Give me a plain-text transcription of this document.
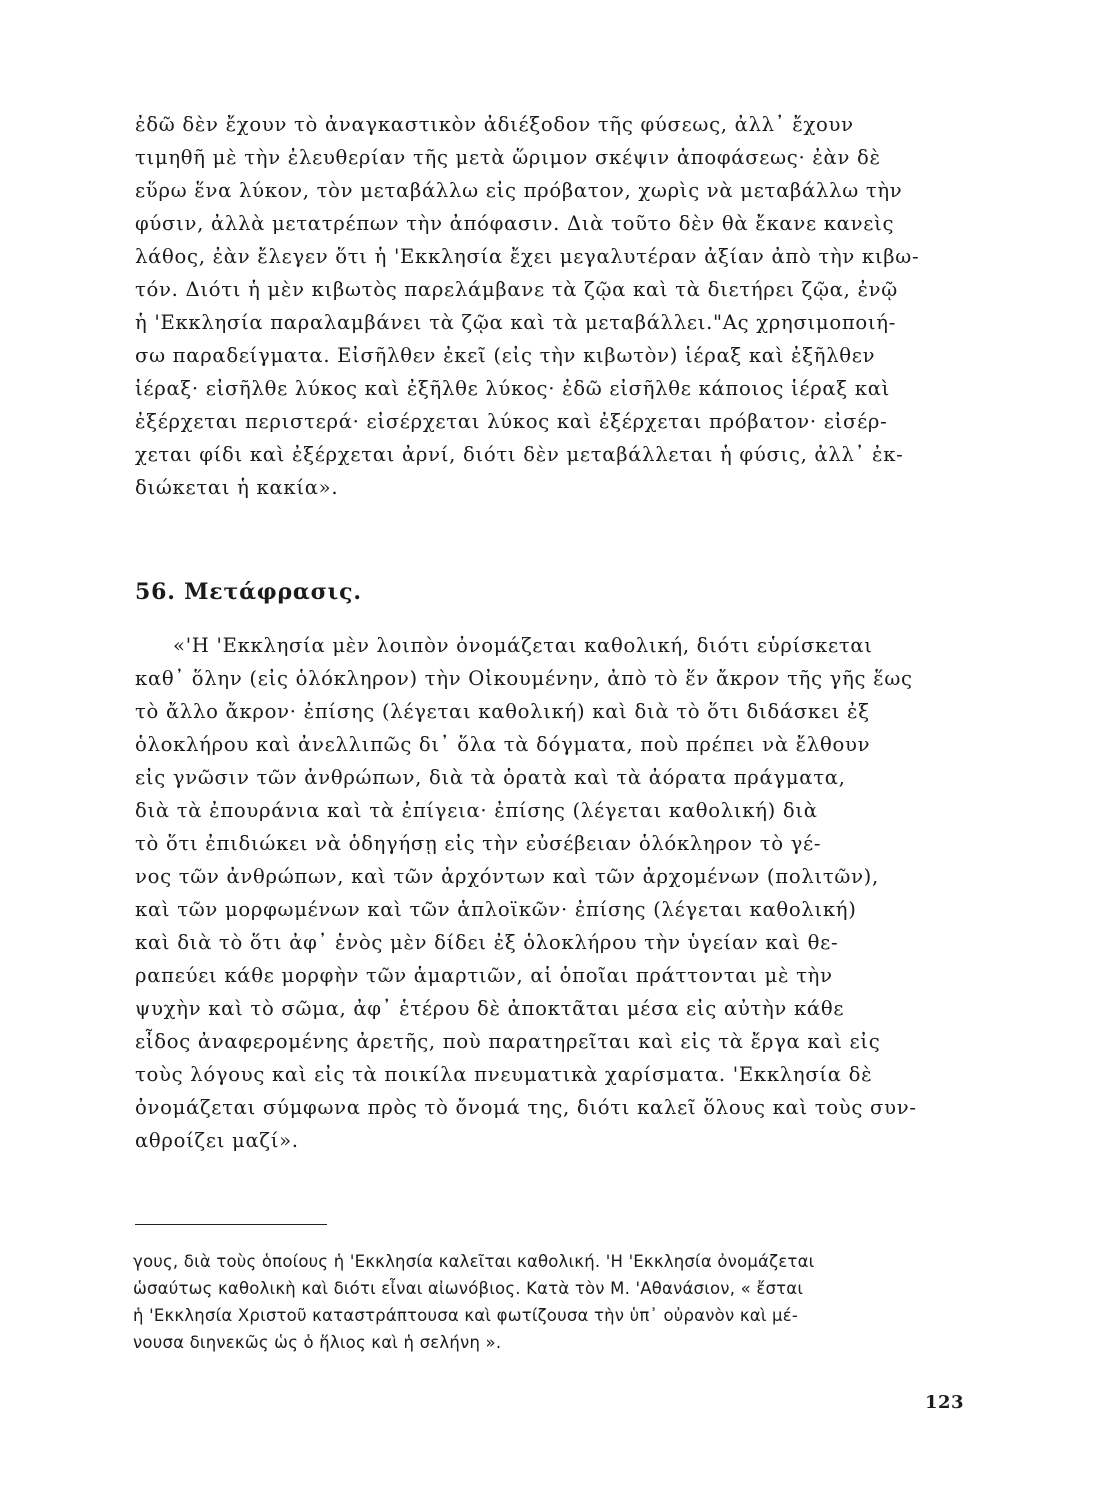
ἐδῶ δὲν ἔχουν τὸ ἀναγκαστικὸν ἀδιέξοδον τῆς φύσεως, ἀλλ᾽ ἔχουν
τιμηθῆ μὲ τὴν ἐλευθερίαν τῆς μετὰ ὥριμον σκέψιν ἀποφάσεως· ἐὰν δὲ
εὕρω ἕνα λύκον, τὸν μεταβάλλω εἰς πρόβατον, χωρὶς νὰ μεταβάλλω τὴν
φύσιν, ἀλλὰ μετατρέπων τὴν ἀπόφασιν. Διὰ τοῦτο δὲν θὰ ἔκανε κανεὶς
λάθος, ἐὰν ἔλεγεν ὅτι ἡ 'Εκκλησία ἔχει μεγαλυτέραν ἀξίαν ἀπὸ τὴν κιβω-
τόν. Διότι ἡ μὲν κιβωτὸς παρελάμβανε τὰ ζῷα καὶ τὰ διετήρει ζῷα, ἐνῷ
ἡ 'Εκκλησία παραλαμβάνει τὰ ζῷα καὶ τὰ μεταβάλλει."Ας χρησιμοποιή-
σω παραδείγματα. Εἰσῆλθεν ἐκεῖ (εἰς τὴν κιβωτὸν) ἱέραξ καὶ ἐξῆλθεν
ἱέραξ· εἰσῆλθε λύκος καὶ ἐξῆλθε λύκος· ἐδῶ εἰσῆλθε κάποιος ἱέραξ καὶ
ἐξέρχεται περιστερά· εἰσέρχεται λύκος καὶ ἐξέρχεται πρόβατον· εἰσέρ-
χεται φίδι καὶ ἐξέρχεται ἀρνί, διότι δὲν μεταβάλλεται ἡ φύσις, ἀλλ᾽ ἐκ-
διώκεται ἡ κακία».
56. Μετάφρασις.
«'Η 'Εκκλησία μὲν λοιπὸν ὀνομάζεται καθολική, διότι εὑρίσκεται
καθ᾽ ὅλην (εἰς ὁλόκληρον) τὴν Οἰκουμένην, ἀπὸ τὸ ἕν ἄκρον τῆς γῆς ἕως
τὸ ἄλλο ἄκρον· ἐπίσης (λέγεται καθολική) καὶ διὰ τὸ ὅτι διδάσκει ἐξ
ὁλοκλήρου καὶ ἀνελλιπῶς δι᾽ ὅλα τὰ δόγματα, ποὺ πρέπει νὰ ἔλθουν
εἰς γνῶσιν τῶν ἀνθρώπων, διὰ τὰ ὁρατὰ καὶ τὰ ἀόρατα πράγματα,
διὰ τὰ ἐπουράνια καὶ τὰ ἐπίγεια· ἐπίσης (λέγεται καθολική) διὰ
τὸ ὅτι ἐπιδιώκει νὰ ὁδηγήσῃ εἰς τὴν εὐσέβειαν ὁλόκληρον τὸ γέ-
νος τῶν ἀνθρώπων, καὶ τῶν ἀρχόντων καὶ τῶν ἀρχομένων (πολιτῶν),
καὶ τῶν μορφωμένων καὶ τῶν ἁπλοϊκῶν· ἐπίσης (λέγεται καθολική)
καὶ διὰ τὸ ὅτι ἀφ᾽ ἑνὸς μὲν δίδει ἐξ ὁλοκλήρου τὴν ὑγείαν καὶ θε-
ραπεύει κάθε μορφὴν τῶν ἁμαρτιῶν, αἱ ὁποῖαι πράττονται μὲ τὴν
ψυχὴν καὶ τὸ σῶμα, ἀφ᾽ ἑτέρου δὲ ἀποκτᾶται μέσα εἰς αὐτὴν κάθε
εἶδος ἀναφερομένης ἀρετῆς, ποὺ παρατηρεῖται καὶ εἰς τὰ ἔργα καὶ εἰς
τοὺς λόγους καὶ εἰς τὰ ποικίλα πνευματικὰ χαρίσματα. 'Εκκλησία δὲ
ὀνομάζεται σύμφωνα πρὸς τὸ ὄνομά της, διότι καλεῖ ὅλους καὶ τοὺς συν-
αθροίζει μαζί».
γους, διὰ τοὺς ὁποίους ἡ 'Εκκλησία καλεῖται καθολική. 'Η 'Εκκλησία ὀνομάζεται
ὡσαύτως καθολικὴ καὶ διότι εἶναι αἰωνόβιος. Κατὰ τὸν Μ. 'Αθανάσιον, « ἔσται
ἡ 'Εκκλησία Χριστοῦ καταστράπτουσα καὶ φωτίζουσα τὴν ὑπ᾽ οὐρανὸν καὶ μέ-
νουσα διηνεκῶς ὡς ὁ ἥλιος καὶ ἡ σελήνη ».
123
